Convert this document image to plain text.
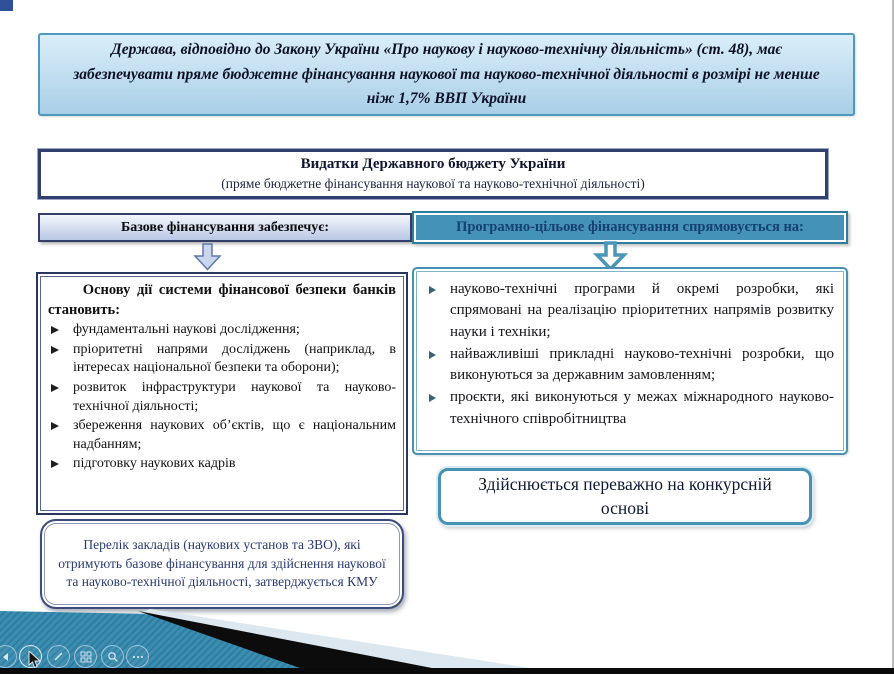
Держава, відповідно до Закону України «Про наукову і науково-технічну діяльність» (ст. 48), має забезпечувати пряме бюджетне фінансування наукової та науково-технічної діяльності в розмірі не менше ніж 1,7% ВВП України
Видатки Державного бюджету України
(пряме бюджетне фінансування наукової та науково-технічної діяльності)
Базове фінансування забезпечує:	Програмно-цільове фінансування спрямовується на:

Основу дії системи фінансової безпеки банків становить:

фундаментальні наукові дослідження;
пріоритетні напрями досліджень (наприклад, в інтересах національної безпеки та оборони);
розвиток інфраструктури наукової та науково-технічної діяльності;
збереження наукових об’єктів, що є національним надбанням;
підготовку наукових кадрів
науково-технічні програми й окремі розробки, які спрямовані на реалізацію пріоритетних напрямів розвитку науки і техніки;
найважливіші прикладні науково-технічні розробки, що виконуються за державним замовленням;
проєкти, які виконуються у межах міжнародного науково-технічного співробітництва
Здійснюється переважно на конкурсній основі
Перелік закладів (наукових установ та ЗВО), які отримують базове фінансування для здійснення наукової та науково-технічної діяльності, затверджується КМУ
